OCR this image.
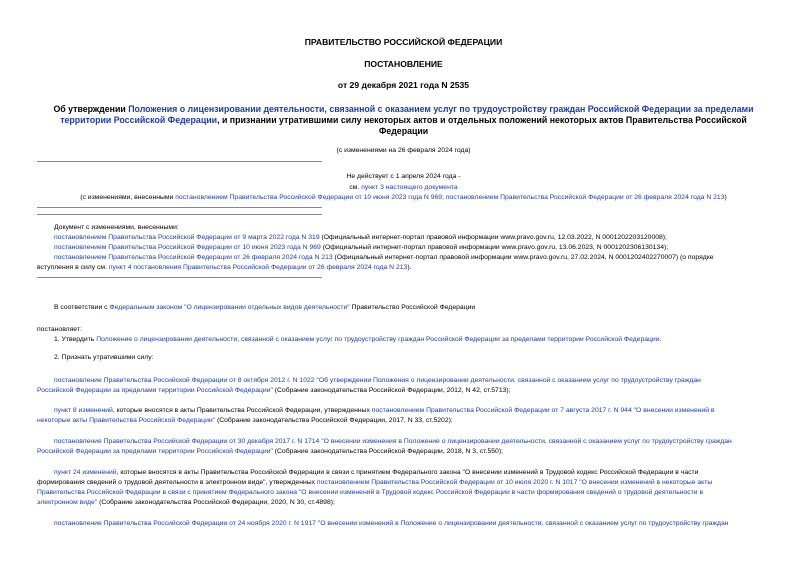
ПРАВИТЕЛЬСТВО РОССИЙСКОЙ ФЕДЕРАЦИИ
ПОСТАНОВЛЕНИЕ
от 29 декабря 2021 года N 2535
Об утверждении Положения о лицензировании деятельности, связанной с оказанием услуг по трудоустройству граждан Российской Федерации за пределами территории Российской Федерации, и признании утратившими силу некоторых актов и отдельных положений некоторых актов Правительства Российской Федерации
(с изменениями на 26 февраля 2024 года)
Не действует с 1 апреля 2024 года -
см. пункт 3 настоящего документа
(с изменениями, внесенными постановлением Правительства Российской Федерации от 10 июня 2023 года N 969; постановлением Правительства Российской Федерации от 26 февраля 2024 года N 213)
Документ с изменениями, внесенными:
постановлением Правительства Российской Федерации от 9 марта 2022 года N 319 (Официальный интернет-портал правовой информации www.pravo.gov.ru, 12.03.2022, N 0001202203120008);
постановлением Правительства Российской Федерации от 10 июня 2023 года N 969 (Официальный интернет-портал правовой информации www.pravo.gov.ru, 13.06.2023, N 0001202306130134);
постановлением Правительства Российской Федерации от 26 февраля 2024 года N 213 (Официальный интернет-портал правовой информации www.pravo.gov.ru, 27.02.2024, N 0001202402270007) (о порядке
вступления в силу см. пункт 4 постановления Правительства Российской Федерации от 26 февраля 2024 года N 213).
В соответствии с Федеральным законом "О лицензировании отдельных видов деятельности" Правительство Российской Федерации
постановляет:
1. Утвердить Положение о лицензировании деятельности, связанной с оказанием услуг по трудоустройству граждан Российской Федерации за пределами территории Российской Федерации.
2. Признать утратившими силу:
постановление Правительства Российской Федерации от 8 октября 2012 г. N 1022 "Об утверждении Положения о лицензировании деятельности, связанной с оказанием услуг по трудоустройству граждан
Российской Федерации за пределами территории Российской Федерации" (Собрание законодательства Российской Федерации, 2012, N 42, ст.5713);
пункт 8 изменений, которые вносятся в акты Правительства Российской Федерации, утвержденных постановлением Правительства Российской Федерации от 7 августа 2017 г. N 944 "О внесении изменений в
некоторые акты Правительства Российской Федерации" (Собрание законодательства Российской Федерации, 2017, N 33, ст.5202);
постановление Правительства Российской Федерации от 30 декабря 2017 г. N 1714 "О внесении изменения в Положение о лицензировании деятельности, связанной с оказанием услуг по трудоустройству граждан
Российской Федерации за пределами территории Российской Федерации" (Собрание законодательства Российской Федерации, 2018, N 3, ст.550);
пункт 24 изменений, которые вносятся в акты Правительства Российской Федерации в связи с принятием Федерального закона "О внесении изменений в Трудовой кодекс Российской Федерации в части
формирования сведений о трудовой деятельности в электронном виде", утвержденных постановлением Правительства Российской Федерации от 10 июля 2020 г. N 1017 "О внесении изменений в некоторые акты
Правительства Российской Федерации в связи с принятием Федерального закона "О внесении изменений в Трудовой кодекс Российской Федерации в части формирования сведений о трудовой деятельности в
электронном виде" (Собрание законодательства Российской Федерации, 2020, N 30, ст.4898);
постановление Правительства Российской Федерации от 24 ноября 2020 г. N 1917 "О внесении изменений в Положение о лицензировании деятельности, связанной с оказанием услуг по трудоустройству граждан
